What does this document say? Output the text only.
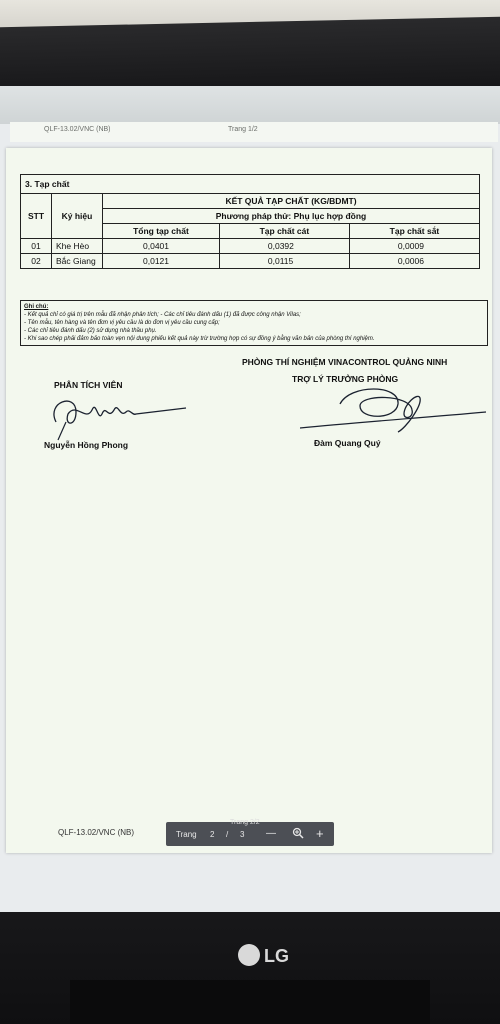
QLF-13.02/VNC (NB)	Trang 1/2
3. Tạp chất
STT	Ký hiệu	KẾT QUẢ TẠP CHẤT (KG/BDMT)		
		Phương pháp thử: Phụ lục hợp đồng		
		Tổng tạp chất	Tạp chất cát	Tạp chất sắt
01	Khe Hèo	0,0401	0,0392	0,0009
02	Bắc Giang	0,0121	0,0115	0,0006
Ghi chú:
- Kết quả chỉ có giá trị trên mẫu đã nhận phân tích; - Các chỉ tiêu đánh dấu (1) đã được công nhận Vilas;
- Tên mẫu, tên hàng và tên đơn vị yêu cầu là do đơn vị yêu cầu cung cấp;
- Các chỉ tiêu đánh dấu (2) sử dụng nhà thầu phụ.
- Khi sao chép phải đảm bảo toàn vẹn nội dung phiếu kết quả này trừ trường hợp có sự đồng ý bằng văn bản của phòng thí nghiệm.
PHÒNG THÍ NGHIỆM VINACONTROL QUẢNG NINH
TRỢ LÝ TRƯỞNG PHÒNG
PHÂN TÍCH VIÊN
Nguyễn Hồng Phong	Đàm Quang Quý
QLF-13.02/VNC (NB)	Trang 2 / 3 —	+
Trang 2/2
LG
